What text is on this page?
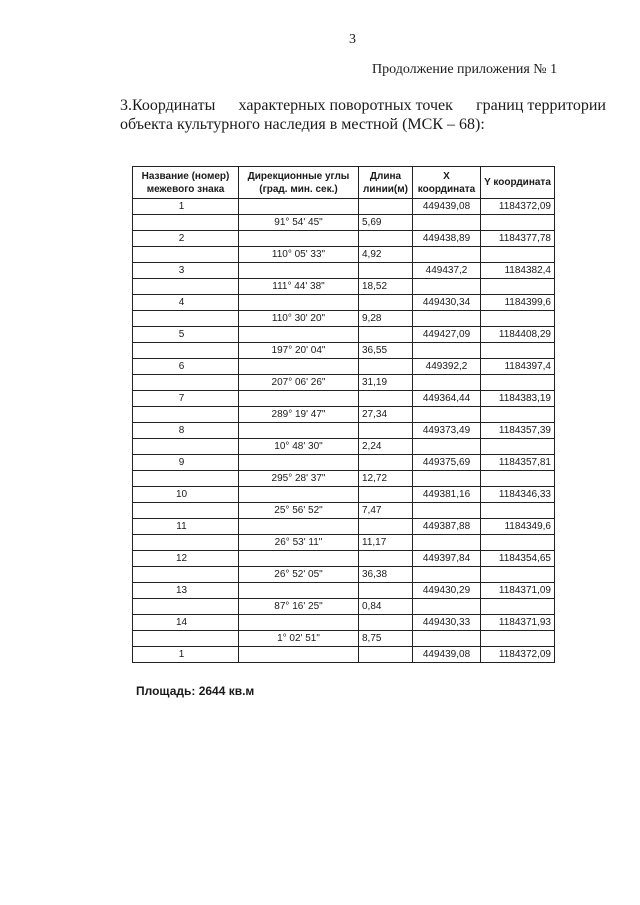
3
Продолжение приложения № 1
3.Координаты характерных поворотных точек границ территории
объекта культурного наследия в местной (МСК – 68):
Название (номер) межевого знака	Дирекционные углы (град. мин. сек.)	Длина линии(м)	X координата	Y координата
1			449439,08	1184372,09
	91° 54' 45"	5,69		
2			449438,89	1184377,78
	110° 05' 33"	4,92		
3			449437,2	1184382,4
	111° 44' 38"	18,52		
4			449430,34	1184399,6
	110° 30' 20"	9,28		
5			449427,09	1184408,29
	197° 20' 04"	36,55		
6			449392,2	1184397,4
	207° 06' 26"	31,19		
7			449364,44	1184383,19
	289° 19' 47"	27,34		
8			449373,49	1184357,39
	10° 48' 30"	2,24		
9			449375,69	1184357,81
	295° 28' 37"	12,72		
10			449381,16	1184346,33
	25° 56' 52"	7,47		
11			449387,88	1184349,6
	26° 53' 11"	11,17		
12			449397,84	1184354,65
	26° 52' 05"	36,38		
13			449430,29	1184371,09
	87° 16' 25"	0,84		
14			449430,33	1184371,93
	1° 02' 51"	8,75		
1			449439,08	1184372,09
Площадь: 2644 кв.м
